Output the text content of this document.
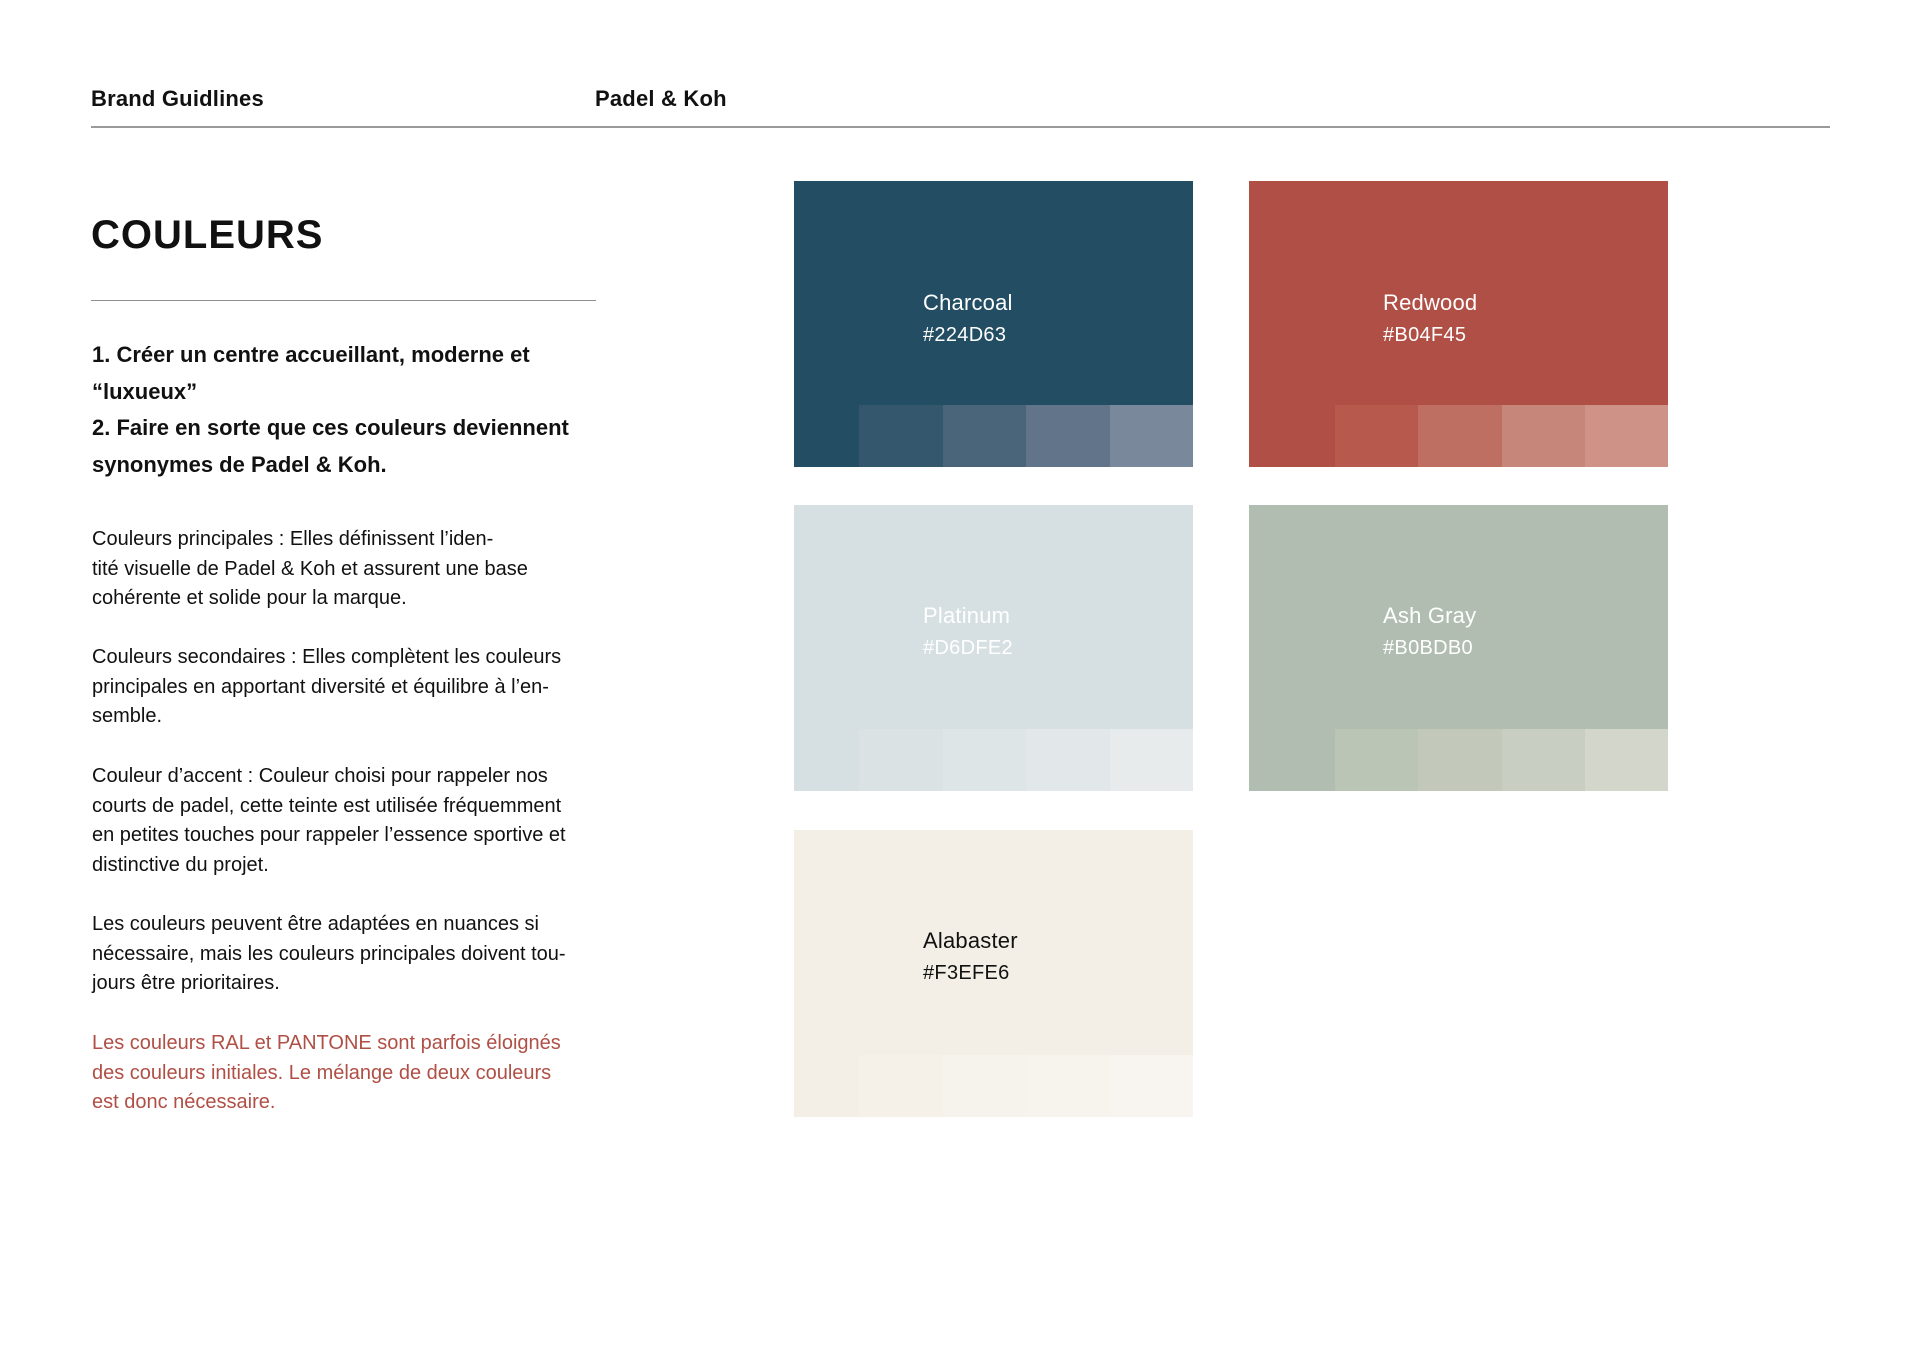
Brand Guidlines	Padel & Koh
COULEURS
1. Créer un centre accueillant, moderne et
“luxueux”
2. Faire en sorte que ces couleurs deviennent
synonymes de Padel & Koh.

Couleurs principales : Elles définissent l’iden-
tité visuelle de Padel & Koh et assurent une base
cohérente et solide pour la marque.

Couleurs secondaires : Elles complètent les couleurs
principales en apportant diversité et équilibre à l’en-
semble.

Couleur d’accent : Couleur choisi pour rappeler nos
courts de padel, cette teinte est utilisée fréquemment
en petites touches pour rappeler l’essence sportive et
distinctive du projet.

Les couleurs peuvent être adaptées en nuances si
nécessaire, mais les couleurs principales doivent tou-
jours être prioritaires.

Les couleurs RAL et PANTONE sont parfois éloignés
des couleurs initiales. Le mélange de deux couleurs
est donc nécessaire.

Charcoal
#224D63
Redwood
#B04F45
Platinum
#D6DFE2
Ash Gray
#B0BDB0
Alabaster
#F3EFE6
